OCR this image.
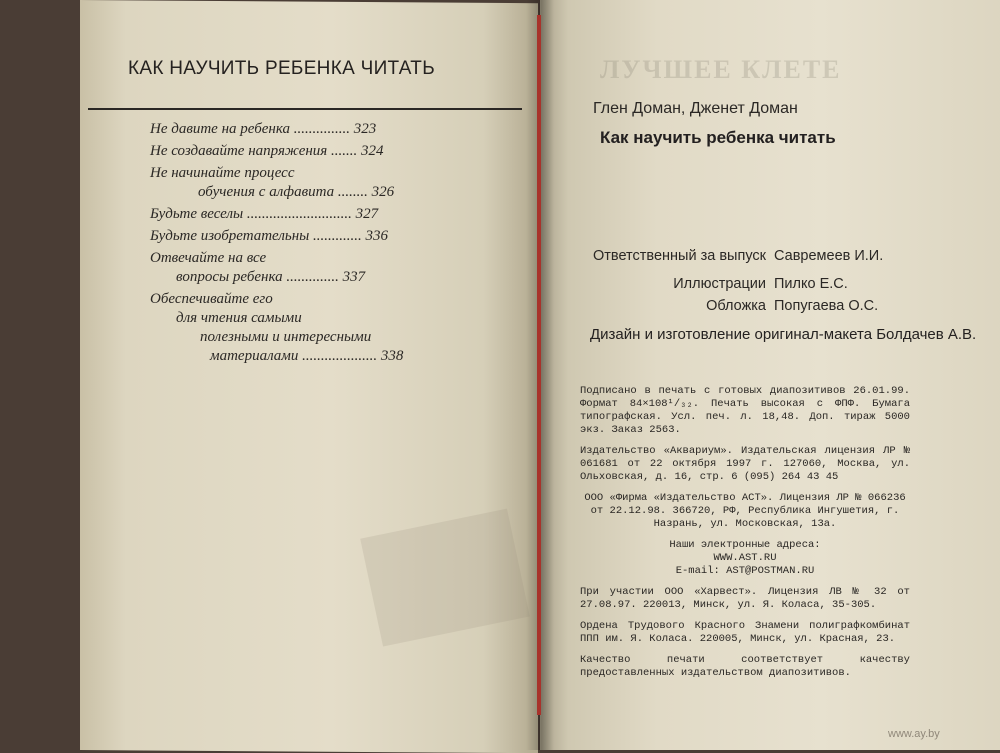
ЛУЧШЕЕ КЛЕТЕ
Глен Доман, Дженет Доман
Как научить ребенка читать
Ответственный за выпуск Савремеев И.И.
Иллюстрации Пилко Е.С.
Обложка Попугаева О.С.
Дизайн и изготовление оригинал-макета Болдачев А.В.

Подписано в печать с готовых диапозитивов 26.01.99. Формат 84×108¹/₃₂. Печать высокая с ФПФ. Бумага типографская. Усл. печ. л. 18,48. Доп. тираж 5000 экз. Заказ 2563.

Издательство «Аквариум». Издательская лицензия ЛР № 061681 от 22 октября 1997 г. 127060, Москва, ул. Ольховская, д. 16, стр. 6 (095) 264 43 45

ООО «Фирма «Издательство АСТ». Лицензия ЛР № 066236 от 22.12.98. 366720, РФ, Республика Ингушетия, г. Назрань, ул. Московская, 13а.

Наши электронные адреса:

WWW.AST.RU

E-mail: AST@POSTMAN.RU

При участии ООО «Харвест». Лицензия ЛВ № 32 от 27.08.97. 220013, Минск, ул. Я. Коласа, 35-305.

Ордена Трудового Красного Знамени полиграфкомбинат ППП им. Я. Коласа. 220005, Минск, ул. Красная, 23.

Качество печати соответствует качеству предоставленных издательством диапозитивов.

КАК НАУЧИТЬ РЕБЕНКА ЧИТАТЬ
Не давите на ребенка ............... 323
Не создавайте напряжения ....... 324
Не начинайте процесс
обучения с алфавита ........ 326
Будьте веселы ............................ 327
Будьте изобретательны ............. 336
Отвечайте на все
вопросы ребенка .............. 337
Обеспечивайте его
для чтения самыми
полезными и интересными
материалами .................... 338
www.ay.by
